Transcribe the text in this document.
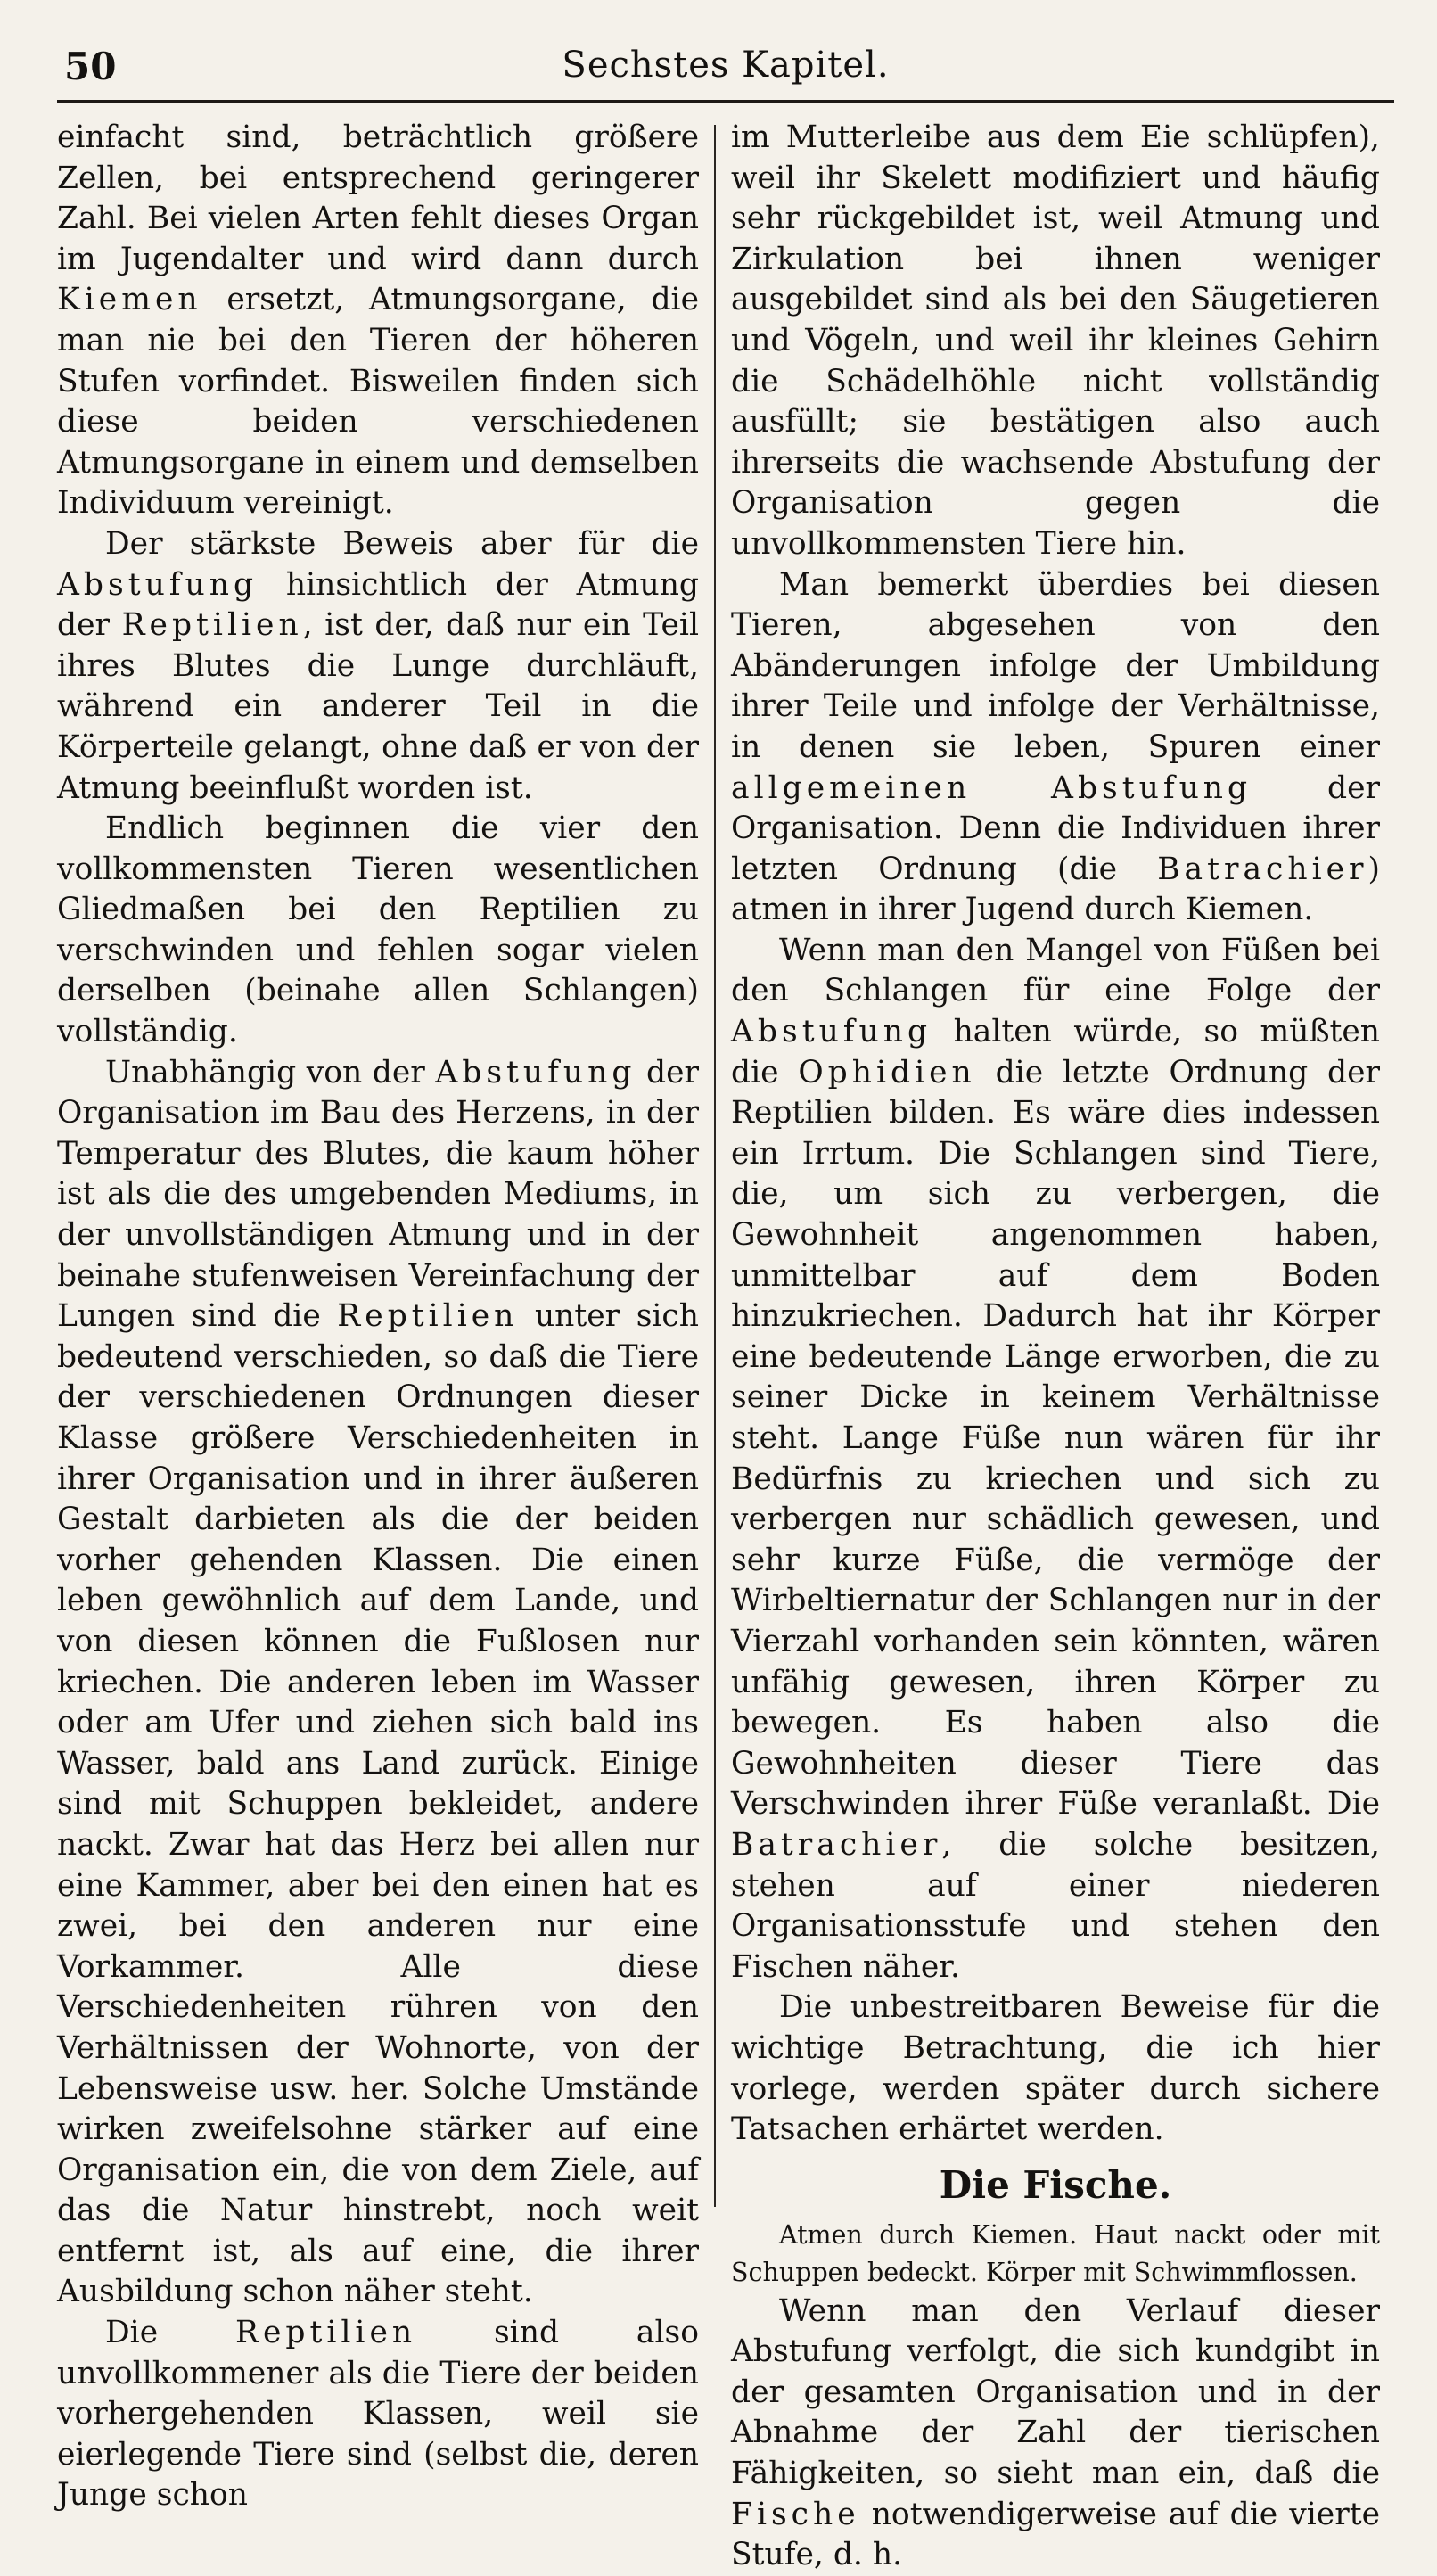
50	Sechstes Kapitel.

einfacht sind, beträchtlich größere Zellen, bei entsprechend geringerer Zahl. Bei vielen Arten fehlt dieses Organ im Jugendalter und wird dann durch Kiemen ersetzt, Atmungsorgane, die man nie bei den Tieren der höheren Stufen vorfindet. Bisweilen finden sich diese beiden verschiedenen Atmungsorgane in einem und demselben Individuum vereinigt.

Der stärkste Beweis aber für die Abstufung hinsichtlich der Atmung der Reptilien, ist der, daß nur ein Teil ihres Blutes die Lunge durchläuft, während ein anderer Teil in die Körperteile gelangt, ohne daß er von der Atmung beeinflußt worden ist.

Endlich beginnen die vier den vollkommensten Tieren wesentlichen Gliedmaßen bei den Reptilien zu verschwinden und fehlen sogar vielen derselben (beinahe allen Schlangen) vollständig.

Unabhängig von der Abstufung der Organisation im Bau des Herzens, in der Temperatur des Blutes, die kaum höher ist als die des umgebenden Mediums, in der unvollständigen Atmung und in der beinahe stufenweisen Vereinfachung der Lungen sind die Reptilien unter sich bedeutend verschieden, so daß die Tiere der verschiedenen Ordnungen dieser Klasse größere Verschiedenheiten in ihrer Organisation und in ihrer äußeren Gestalt darbieten als die der beiden vorher gehenden Klassen. Die einen leben gewöhnlich auf dem Lande, und von diesen können die Fußlosen nur kriechen. Die anderen leben im Wasser oder am Ufer und ziehen sich bald ins Wasser, bald ans Land zurück. Einige sind mit Schuppen bekleidet, andere nackt. Zwar hat das Herz bei allen nur eine Kammer, aber bei den einen hat es zwei, bei den anderen nur eine Vorkammer. Alle diese Verschiedenheiten rühren von den Verhältnissen der Wohnorte, von der Lebensweise usw. her. Solche Umstände wirken zweifelsohne stärker auf eine Organisation ein, die von dem Ziele, auf das die Natur hinstrebt, noch weit entfernt ist, als auf eine, die ihrer Ausbildung schon näher steht.

Die Reptilien sind also unvollkommener als die Tiere der beiden vorhergehenden Klassen, weil sie eierlegende Tiere sind (selbst die, deren Junge schon

im Mutterleibe aus dem Eie schlüpfen), weil ihr Skelett modifiziert und häufig sehr rückgebildet ist, weil Atmung und Zirkulation bei ihnen weniger ausgebildet sind als bei den Säugetieren und Vögeln, und weil ihr kleines Gehirn die Schädelhöhle nicht vollständig ausfüllt; sie bestätigen also auch ihrerseits die wachsende Abstufung der Organisation gegen die unvollkommensten Tiere hin.

Man bemerkt überdies bei diesen Tieren, abgesehen von den Abänderungen infolge der Umbildung ihrer Teile und infolge der Verhältnisse, in denen sie leben, Spuren einer allgemeinen Abstufung der Organisation. Denn die Individuen ihrer letzten Ordnung (die Batrachier) atmen in ihrer Jugend durch Kiemen.

Wenn man den Mangel von Füßen bei den Schlangen für eine Folge der Abstufung halten würde, so müßten die Ophidien die letzte Ordnung der Reptilien bilden. Es wäre dies indessen ein Irrtum. Die Schlangen sind Tiere, die, um sich zu verbergen, die Gewohnheit angenommen haben, unmittelbar auf dem Boden hinzukriechen. Dadurch hat ihr Körper eine bedeutende Länge erworben, die zu seiner Dicke in keinem Verhältnisse steht. Lange Füße nun wären für ihr Bedürfnis zu kriechen und sich zu verbergen nur schädlich gewesen, und sehr kurze Füße, die vermöge der Wirbeltiernatur der Schlangen nur in der Vierzahl vorhanden sein könnten, wären unfähig gewesen, ihren Körper zu bewegen. Es haben also die Gewohnheiten dieser Tiere das Verschwinden ihrer Füße veranlaßt. Die Batrachier, die solche besitzen, stehen auf einer niederen Organisationsstufe und stehen den Fischen näher.

Die unbestreitbaren Beweise für die wichtige Betrachtung, die ich hier vorlege, werden später durch sichere Tatsachen erhärtet werden.

Die Fische.

Atmen durch Kiemen. Haut nackt oder mit Schuppen bedeckt. Körper mit Schwimmflossen.

Wenn man den Verlauf dieser Abstufung verfolgt, die sich kundgibt in der gesamten Organisation und in der Abnahme der Zahl der tierischen Fähigkeiten, so sieht man ein, daß die Fische notwendigerweise auf die vierte Stufe, d. h.
